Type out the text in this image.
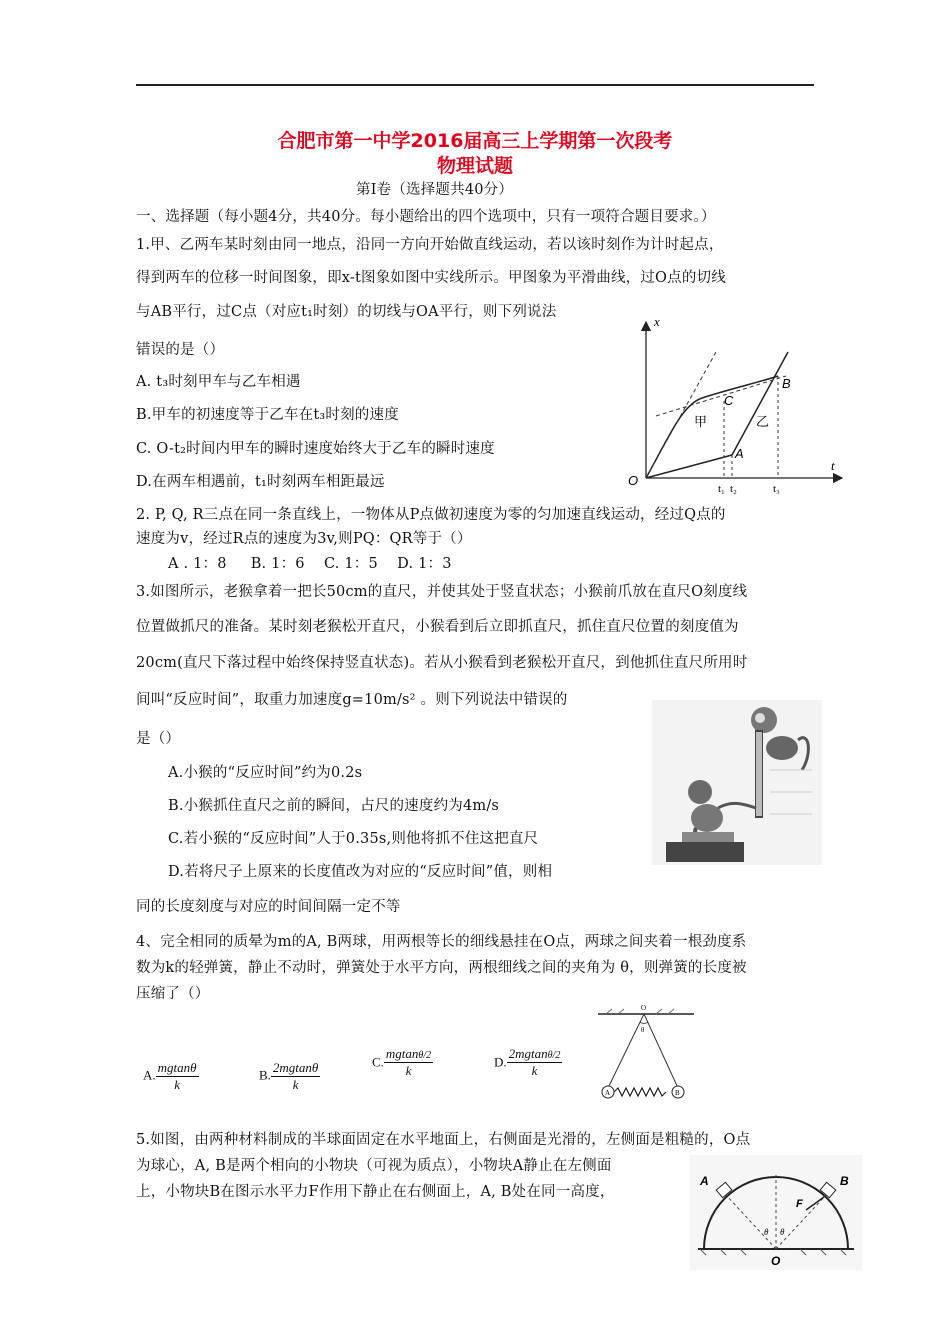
合肥市第一中学2016届高三上学期第一次段考
物理试题
第Ⅰ卷（选择题共40分）
一、选择题（每小题4分，共40分。每小题给出的四个选项中，只有一项符合题目要求。）
1.甲、乙两车某时刻由同一地点，沿同一方向开始做直线运动，若以该时刻作为计时起点，
得到两车的位移一时间图象，即x-t图象如图中实线所示。甲图象为平滑曲线，过O点的切线
与AB平行，过C点（对应t₁时刻）的切线与OA平行，则下列说法
错误的是（）
A. t₃时刻甲车与乙车相遇
B.甲车的初速度等于乙车在t₃时刻的速度
C. O-t₂时间内甲车的瞬时速度始终大于乙车的瞬时速度
D.在两车相遇前，t₁时刻两车相距最远
x
t
O
甲	乙
A
B
C
t₁ t₂	t₃
2. P, Q, R三点在同一条直线上，一物体从P点做初速度为零的匀加速直线运动，经过Q点的
速度为v，经过R点的速度为3v,则PQ：QR等于（）
A . 1：8     B. 1：6    C. 1：5    D. 1：3
3.如图所示，老猴拿着一把长50cm的直尺，并使其处于竖直状态；小猴前爪放在直尺O刻度线
位置做抓尺的准备。某时刻老猴松开直尺，小猴看到后立即抓直尺，抓住直尺位置的刻度值为
20cm(直尺下落过程中始终保持竖直状态)。若从小猴看到老猴松开直尺，到他抓住直尺所用时
间叫“反应时间”，取重力加速度g=10m/s² 。则下列说法中错误的
是（）
A.小猴的“反应时间”约为0.2s
B.小猴抓住直尺之前的瞬间，占尺的速度约为4m/s
C.若小猴的“反应时间”人于0.35s,则他将抓不住这把直尺
D.若将尺子上原来的长度值改为对应的“反应时间”值，则相
同的长度刻度与对应的时间间隔一定不等
4、完全相同的质晕为m的A, B两球，用两根等长的细线悬挂在O点，两球之间夹着一根劲度系
数为k的轻弹簧，静止不动时，弹簧处于水平方向，两根细线之间的夹角为 θ，则弹簧的长度被
压缩了（）
A. $\frac{mgtan\theta}{k}$	B. $\frac{2mgtan\theta}{k}$	C. $\frac{mgtan\theta/2}{k}$	D. $\frac{2mgtan\theta/2}{k}$
O
θ
A	B
5.如图，由两种材料制成的半球面固定在水平地面上，右侧面是光滑的，左侧面是粗糙的，O点
为球心，A, B是两个相向的小物块（可视为质点），小物块A静止在左侧面
上，小物块B在图示水平力F作用下静止在右侧面上，A, B处在同一高度，
A	B
F
θ θ
O
